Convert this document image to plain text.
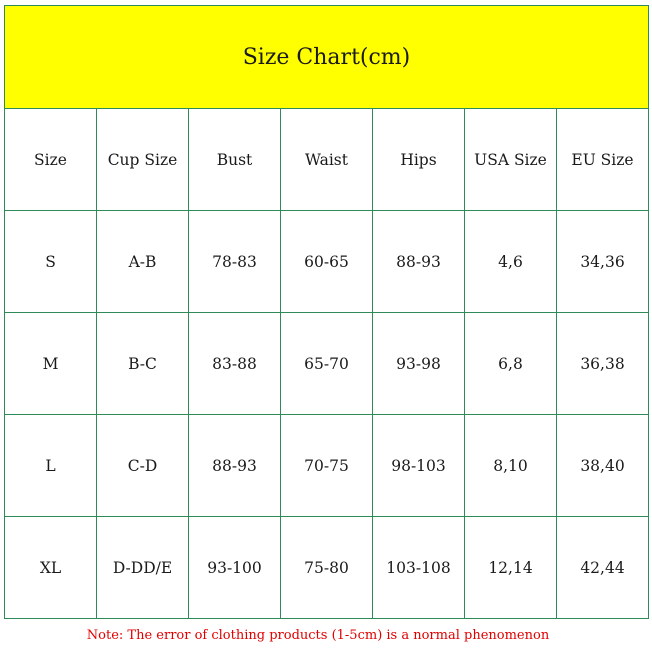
Size Chart(cm)						
Size	Cup Size	Bust	Waist	Hips	USA Size	EU Size
S	A-B	78-83	60-65	88-93	4,6	34,36
M	B-C	83-88	65-70	93-98	6,8	36,38
L	C-D	88-93	70-75	98-103	8,10	38,40
XL	D-DD/E	93-100	75-80	103-108	12,14	42,44
Note: The error of clothing products (1-5cm) is a normal phenomenon
